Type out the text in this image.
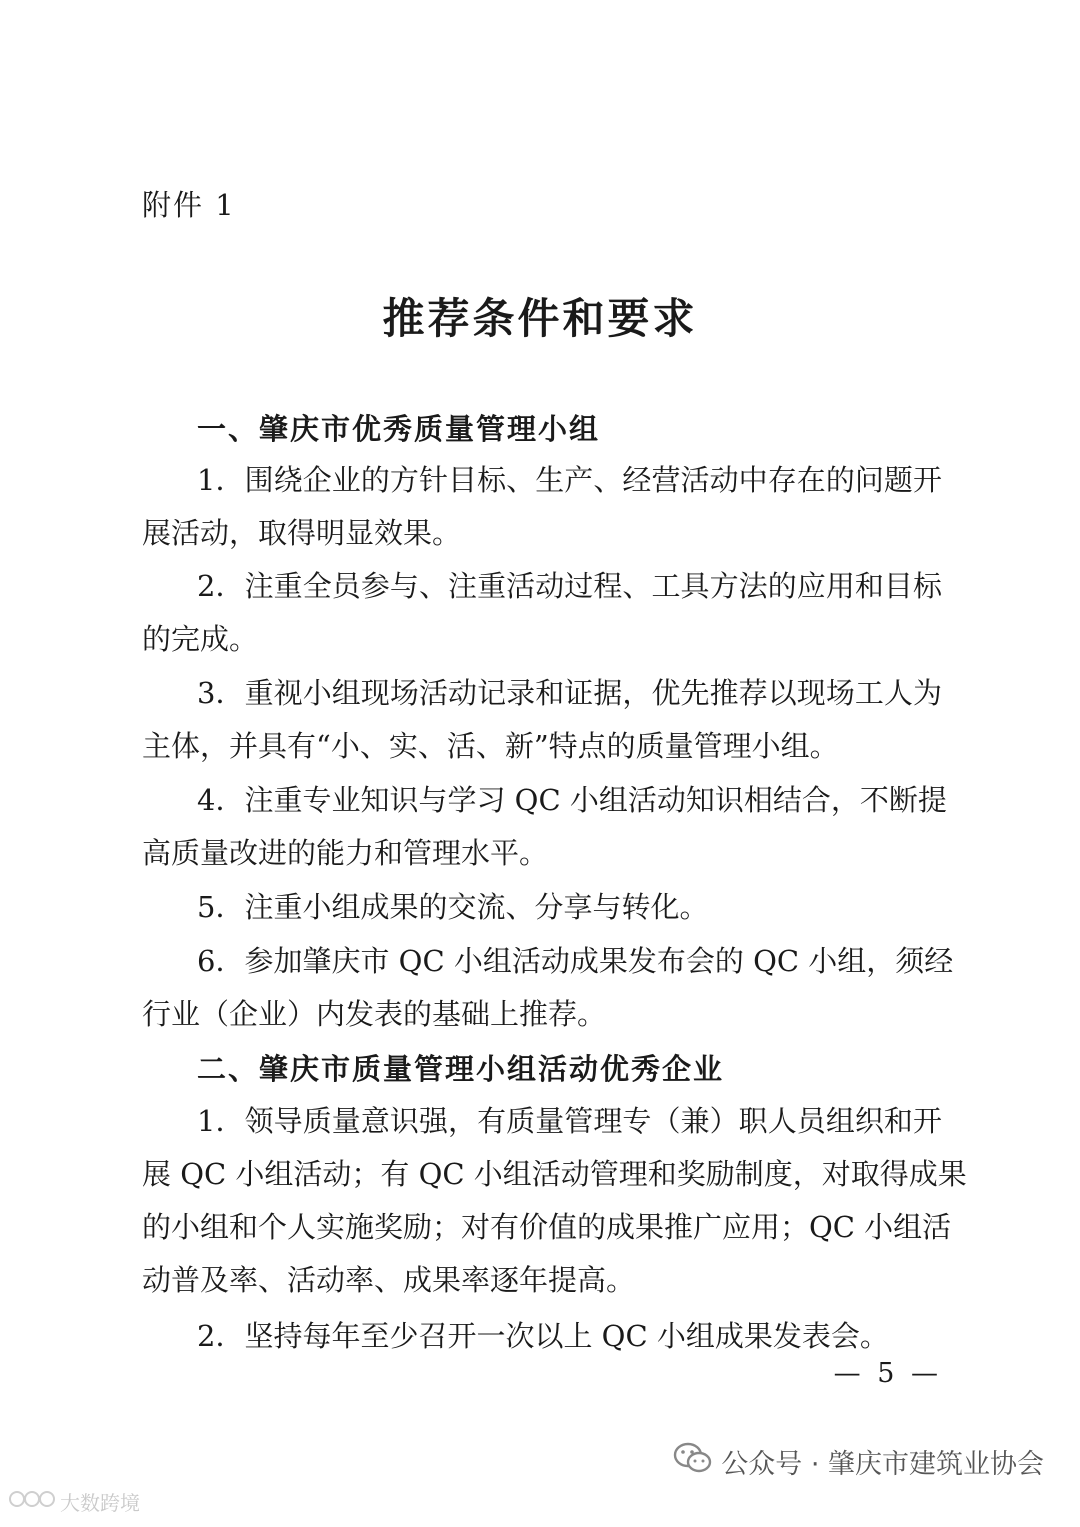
附件 1
推荐条件和要求
一、肇庆市优秀质量管理小组
1．围绕企业的方针目标、生产、经营活动中存在的问题开
展活动，取得明显效果。
2．注重全员参与、注重活动过程、工具方法的应用和目标
的完成。
3．重视小组现场活动记录和证据，优先推荐以现场工人为
主体，并具有“小、实、活、新”特点的质量管理小组。
4．注重专业知识与学习 QC 小组活动知识相结合，不断提
高质量改进的能力和管理水平。
5．注重小组成果的交流、分享与转化。
6．参加肇庆市 QC 小组活动成果发布会的 QC 小组，须经
行业（企业）内发表的基础上推荐。
二、肇庆市质量管理小组活动优秀企业
1．领导质量意识强，有质量管理专（兼）职人员组织和开
展 QC 小组活动；有 QC 小组活动管理和奖励制度，对取得成果
的小组和个人实施奖励；对有价值的成果推广应用；QC 小组活
动普及率、活动率、成果率逐年提高。
2．坚持每年至少召开一次以上 QC 小组成果发表会。
— 5 —
公众号 · 肇庆市建筑业协会
大数跨境
